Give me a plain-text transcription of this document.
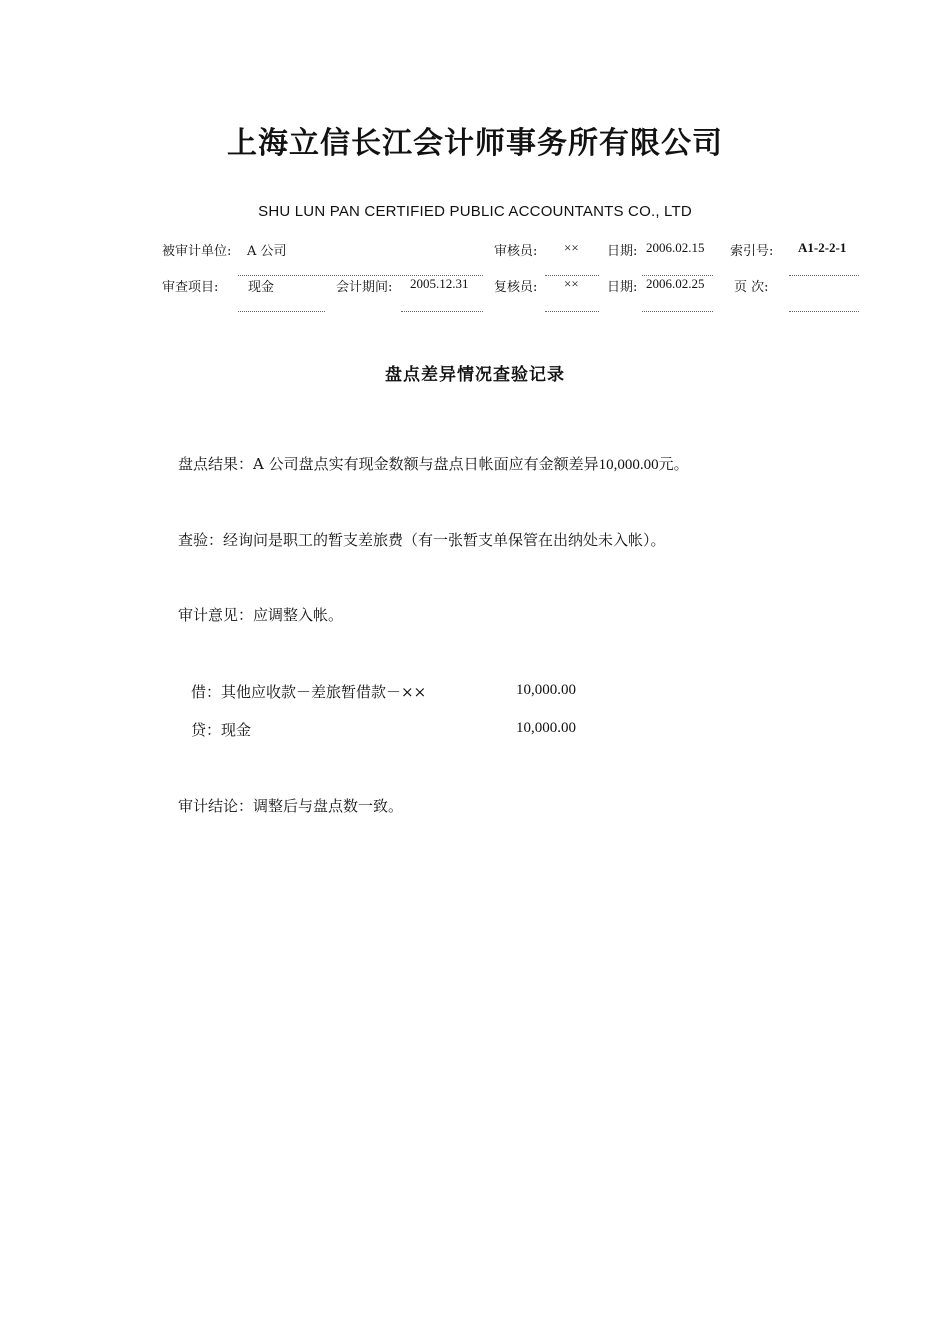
上海立信长江会计师事务所有限公司
SHU LUN PAN CERTIFIED PUBLIC ACCOUNTANTS CO., LTD
被审计单位: A 公司	审核员: ×× 日期: 2006.02.15 索引号: A1-2-2-1
审查项目: 现金	会计期间: 2005.12.31 复核员: ×× 日期: 2006.02.25 页 次:
盘点差异情况查验记录
盘点结果：A 公司盘点实有现金数额与盘点日帐面应有金额差异10,000.00元。
查验：经询问是职工的暂支差旅费（有一张暂支单保管在出纳处未入帐）。
审计意见：应调整入帐。
借：其他应收款－差旅暂借款－××	10,000.00
贷：现金	10,000.00
审计结论：调整后与盘点数一致。
